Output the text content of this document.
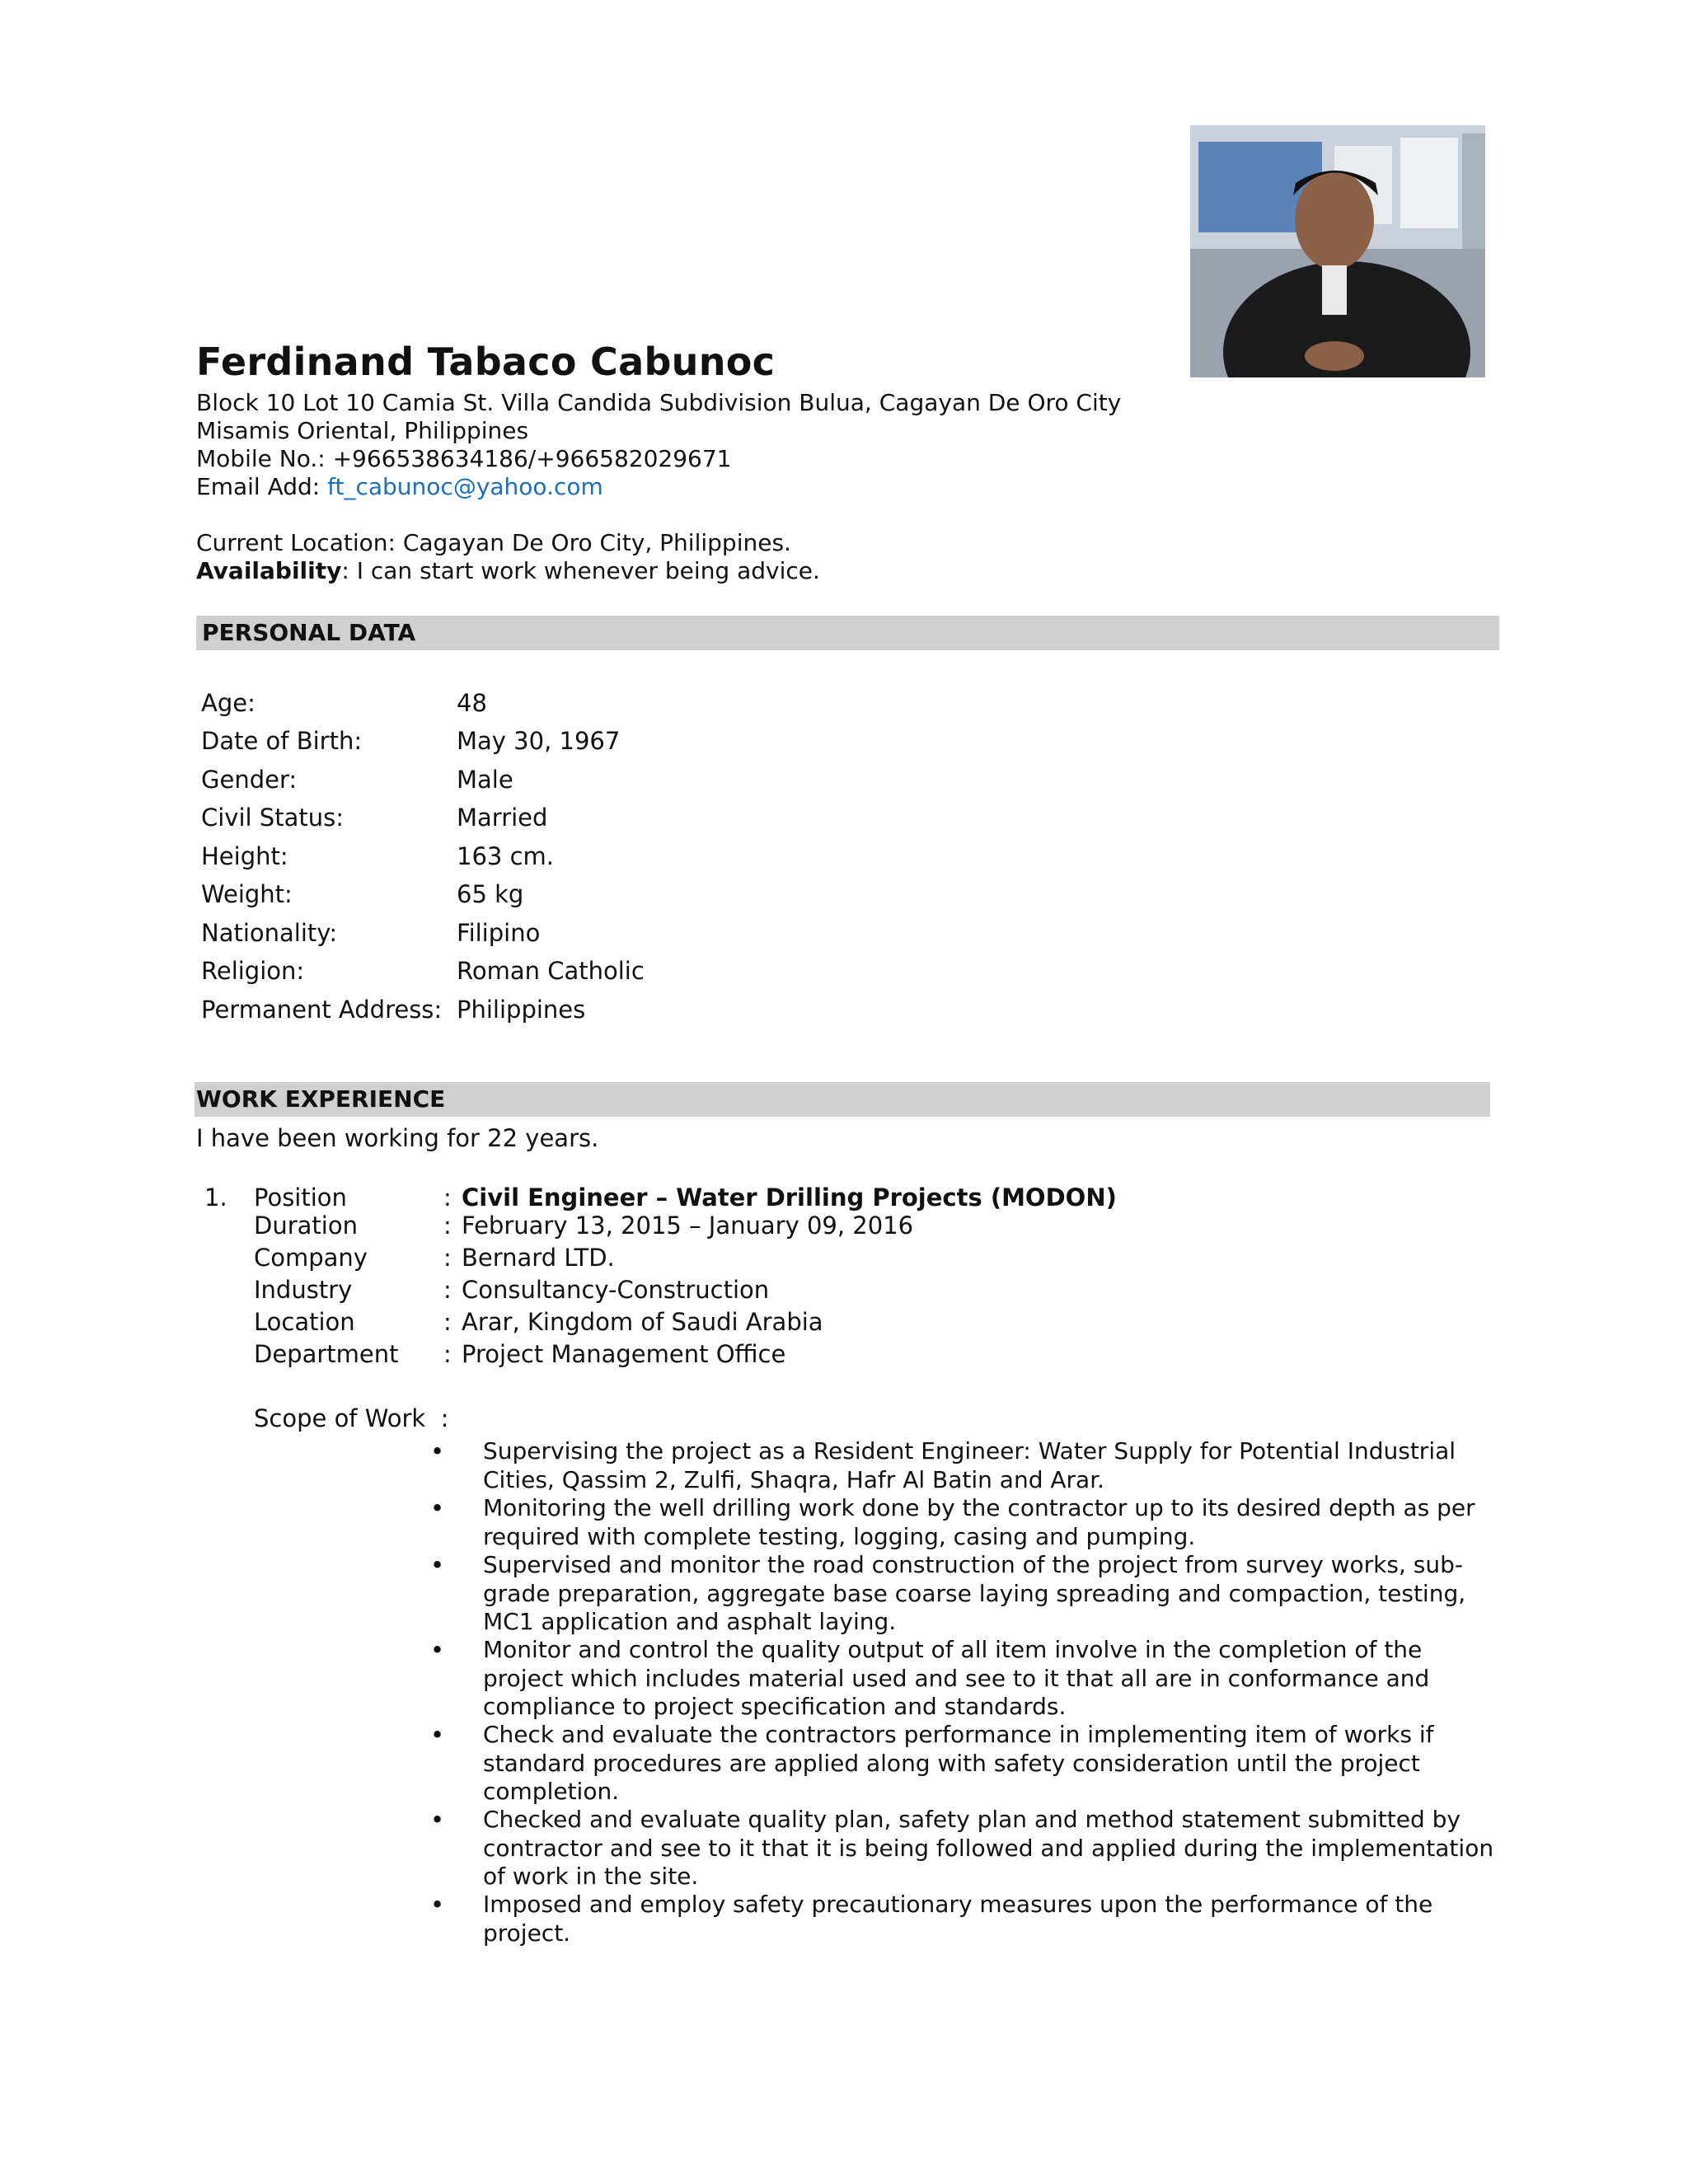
Ferdinand Tabaco Cabunoc
Block 10 Lot 10 Camia St. Villa Candida Subdivision Bulua, Cagayan De Oro City
Misamis Oriental, Philippines
Mobile No.: +966538634186/+966582029671
Email Add: ft_cabunoc@yahoo.com
Current Location: Cagayan De Oro City, Philippines.
Availability: I can start work whenever being advice.
PERSONAL DATA
Age:	48
Date of Birth:	May 30, 1967
Gender:	Male
Civil Status:	Married
Height:	163 cm.
Weight:	65 kg
Nationality:	Filipino
Religion:	Roman Catholic
Permanent Address: Philippines
WORK EXPERIENCE
I have been working for 22 years.
1. Position	: Civil Engineer – Water Drilling Projects (MODON)
Duration	: February 13, 2015 – January 09, 2016
Company	: Bernard LTD.
Industry	: Consultancy-Construction
Location	: Arar, Kingdom of Saudi Arabia
Department : Project Management Office
Scope of Work  :
• Supervising the project as a Resident Engineer: Water Supply for Potential Industrial Cities, Qassim 2, Zulfi, Shaqra, Hafr Al Batin and Arar.
• Monitoring the well drilling work done by the contractor up to its desired depth as per required with complete testing, logging, casing and pumping.
• Supervised and monitor the road construction of the project from survey works, sub-grade preparation, aggregate base coarse laying spreading and compaction, testing, MC1 application and asphalt laying.
• Monitor and control the quality output of all item involve in the completion of the project which includes material used and see to it that all are in conformance and compliance to project specification and standards.
• Check and evaluate the contractors performance in implementing item of works if standard procedures are applied along with safety consideration until the project completion.
• Checked and evaluate quality plan, safety plan and method statement submitted by contractor and see to it that it is being followed and applied during the implementation of work in the site.
• Imposed and employ safety precautionary measures upon the performance of the project.
